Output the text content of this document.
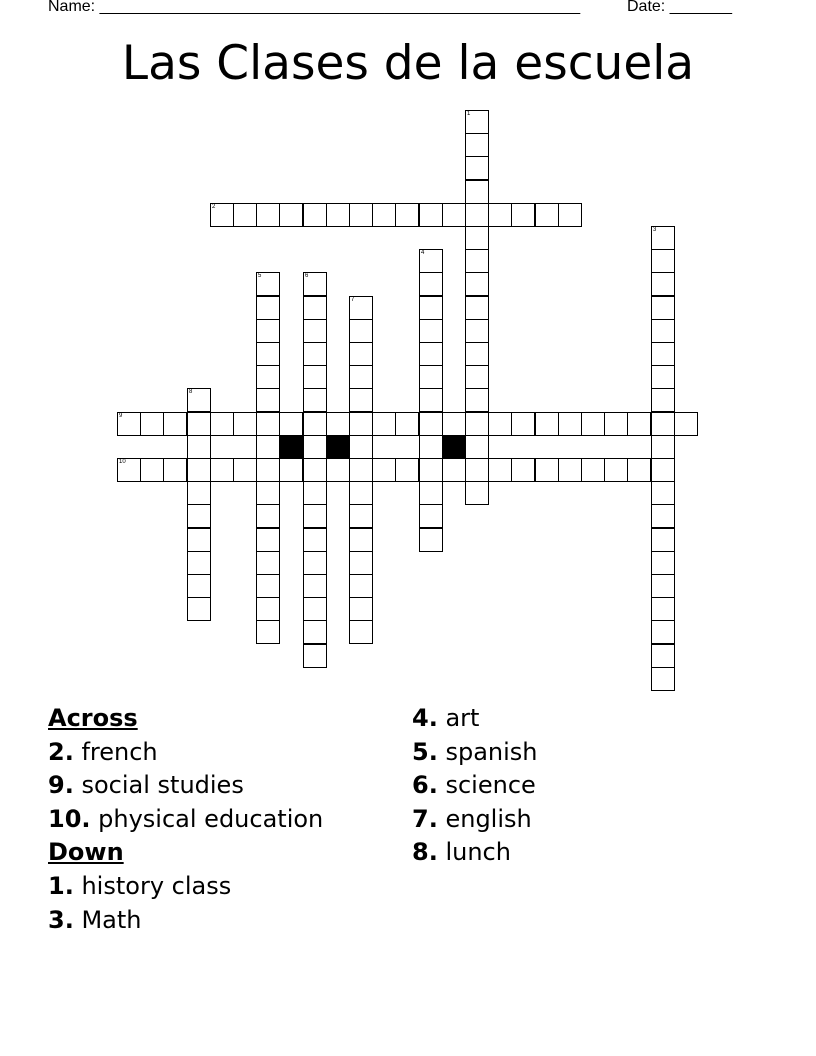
Name: ______________________________________________________	Date: _______
Las Clases de la escuela
1
2
3
4
5	6
7
8
9
10
Across
2. french
9. social studies
10. physical education
Down
1. history class
3. Math
4. art
5. spanish
6. science
7. english
8. lunch
